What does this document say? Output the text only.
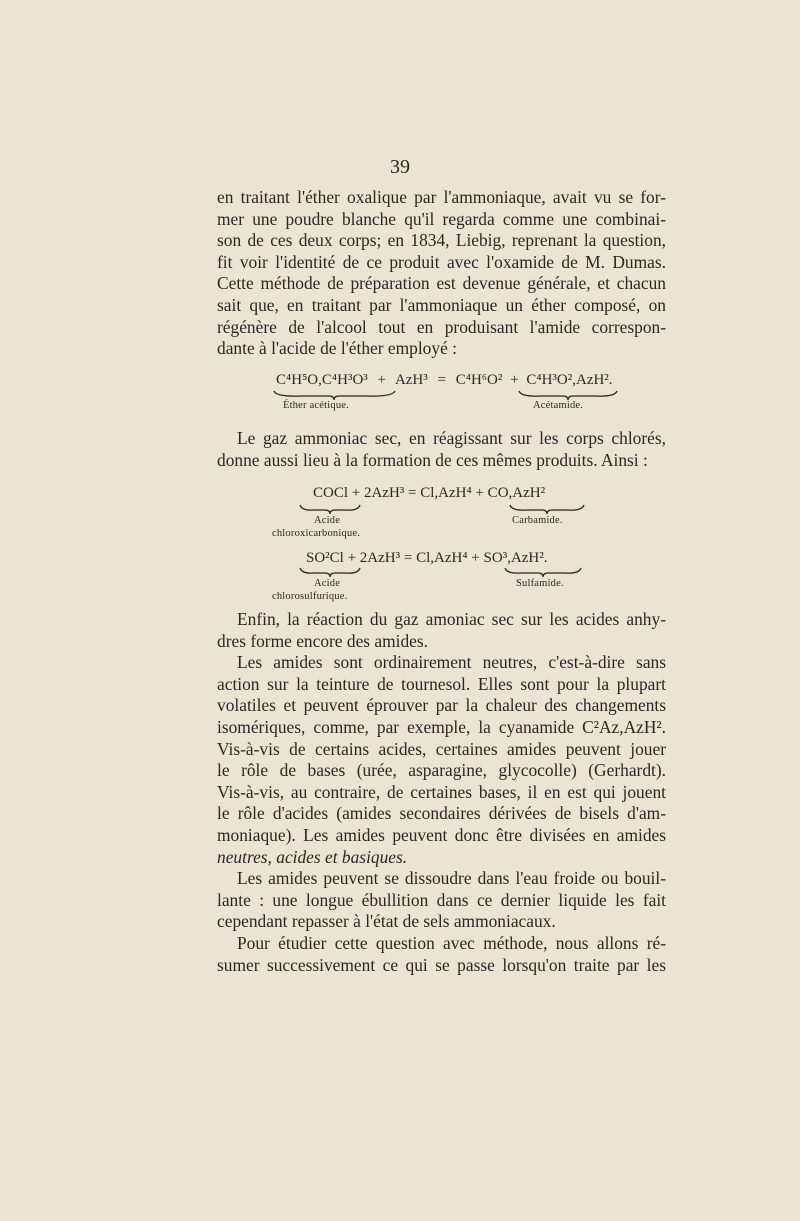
39
en traitant l'éther oxalique par l'ammoniaque, avait vu se for-
mer une poudre blanche qu'il regarda comme une combinai-
son de ces deux corps; en 1834, Liebig, reprenant la question,
fit voir l'identité de ce produit avec l'oxamide de M. Dumas.
Cette méthode de préparation est devenue générale, et chacun
sait que, en traitant par l'ammoniaque un éther composé, on
régénère de l'alcool tout en produisant l'amide correspon-
dante à l'acide de l'éther employé :
C⁴H⁵O,C⁴H³O³ + AzH³ = C⁴H⁶O² + C⁴H³O²,AzH².
Éther acétique.	Acétamide.
Le gaz ammoniac sec, en réagissant sur les corps chlorés,
donne aussi lieu à la formation de ces mêmes produits. Ainsi :
COCl + 2AzH³ = Cl,AzH⁴ + CO,AzH²
Acide
chloroxicarbonique.
Carbamide.
SO²Cl + 2AzH³ = Cl,AzH⁴ + SO³,AzH².
Acide
chlorosulfurique.
Sulfamide.
Enfin, la réaction du gaz amoniac sec sur les acides anhy-
dres forme encore des amides.
Les amides sont ordinairement neutres, c'est-à-dire sans
action sur la teinture de tournesol. Elles sont pour la plupart
volatiles et peuvent éprouver par la chaleur des changements
isomériques, comme, par exemple, la cyanamide C²Az,AzH².
Vis-à-vis de certains acides, certaines amides peuvent jouer
le rôle de bases (urée, asparagine, glycocolle) (Gerhardt).
Vis-à-vis, au contraire, de certaines bases, il en est qui jouent
le rôle d'acides (amides secondaires dérivées de bisels d'am-
moniaque). Les amides peuvent donc être divisées en amides
neutres, acides et basiques.
Les amides peuvent se dissoudre dans l'eau froide ou bouil-
lante : une longue ébullition dans ce dernier liquide les fait
cependant repasser à l'état de sels ammoniacaux.
Pour étudier cette question avec méthode, nous allons ré-
sumer successivement ce qui se passe lorsqu'on traite par les
